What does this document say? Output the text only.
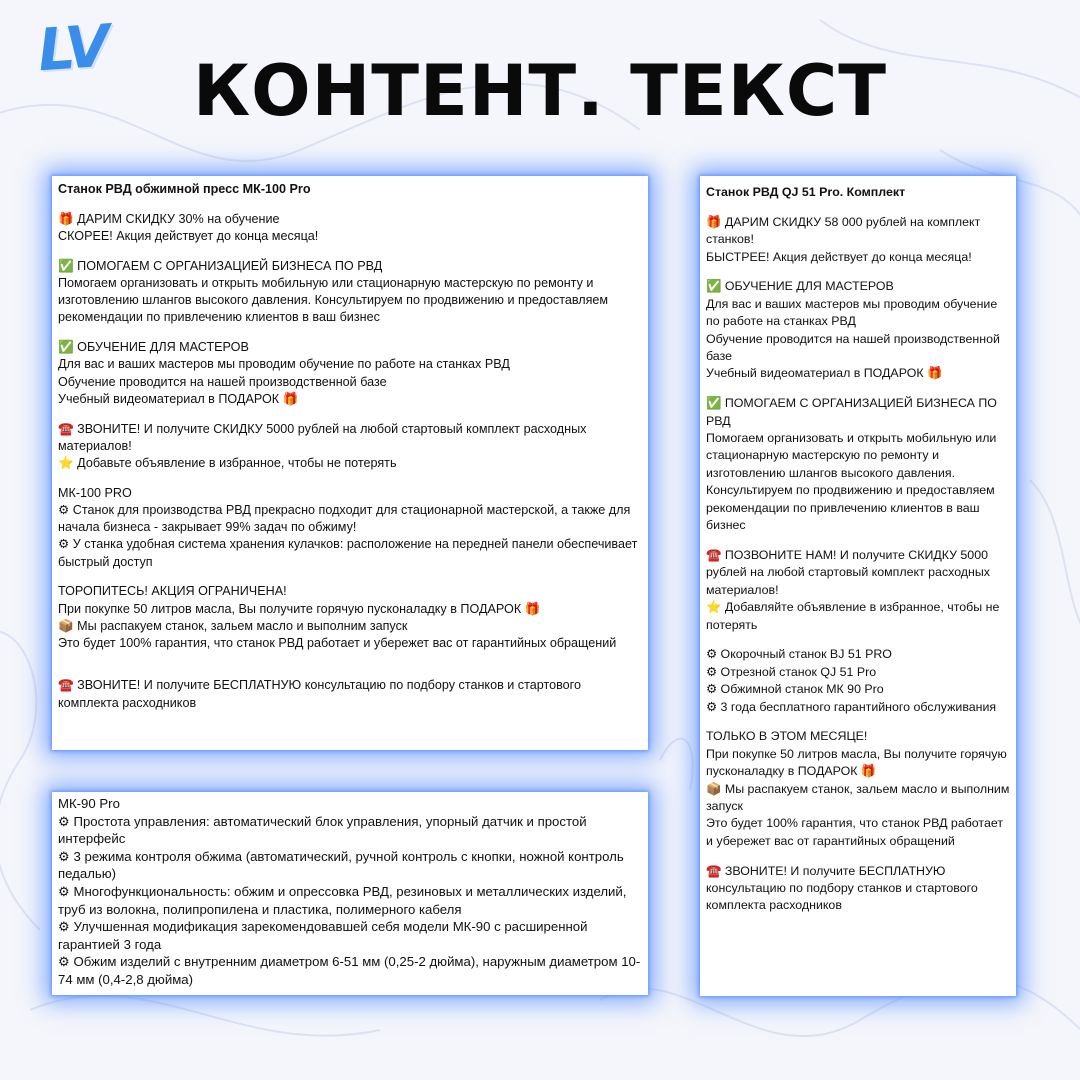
LV
КОНТЕНТ. ТЕКСТ

Станок РВД обжимной пресс МК-100 Pro

🎁 ДАРИМ СКИДКУ 30% на обучение

СКОРЕЕ! Акция действует до конца месяца!

✅ ПОМОГАЕМ С ОРГАНИЗАЦИЕЙ БИЗНЕСА ПО РВД

Помогаем организовать и открыть мобильную или стационарную мастерскую по ремонту и изготовлению шлангов высокого давления. Консультируем по продвижению и предоставляем рекомендации по привлечению клиентов в ваш бизнес

✅ ОБУЧЕНИЕ ДЛЯ МАСТЕРОВ

Для вас и ваших мастеров мы проводим обучение по работе на станках РВД

Обучение проводится на нашей производственной базе

Учебный видеоматериал в ПОДАРОК 🎁

☎️ ЗВОНИТЕ! И получите СКИДКУ 5000 рублей на любой стартовый комплект расходных материалов!

⭐ Добавьте объявление в избранное, чтобы не потерять

МК-100 PRO

⚙ Станок для производства РВД прекрасно подходит для стационарной мастерской, а также для начала бизнеса - закрывает 99% задач по обжиму!

⚙ У станка удобная система хранения кулачков: расположение на передней панели обеспечивает быстрый доступ

ТОРОПИТЕСЬ! АКЦИЯ ОГРАНИЧЕНА!

При покупке 50 литров масла, Вы получите горячую пусконаладку в ПОДАРОК 🎁

📦 Мы распакуем станок, зальем масло и выполним запуск

Это будет 100% гарантия, что станок РВД работает и убережет вас от гарантийных обращений

☎️ ЗВОНИТЕ! И получите БЕСПЛАТНУЮ консультацию по подбору станков и стартового комплекта расходников

МК-90 Pro

⚙ Простота управления: автоматический блок управления, упорный датчик и простой интерфейс

⚙ 3 режима контроля обжима (автоматический, ручной контроль с кнопки, ножной контроль педалью)

⚙ Многофункциональность: обжим и опрессовка РВД, резиновых и металлических изделий, труб из волокна, полипропилена и пластика, полимерного кабеля

⚙ Улучшенная модификация зарекомендовавшей себя модели МК-90 с расширенной гарантией 3 года

⚙ Обжим изделий с внутренним диаметром 6-51 мм (0,25-2 дюйма), наружным диаметром 10-74 мм (0,4-2,8 дюйма)

Станок РВД QJ 51 Pro. Комплект

🎁 ДАРИМ СКИДКУ 58 000 рублей на комплект станков!

БЫСТРЕЕ! Акция действует до конца месяца!

✅ ОБУЧЕНИЕ ДЛЯ МАСТЕРОВ

Для вас и ваших мастеров мы проводим обучение по работе на станках РВД

Обучение проводится на нашей производственной базе

Учебный видеоматериал в ПОДАРОК 🎁

✅ ПОМОГАЕМ С ОРГАНИЗАЦИЕЙ БИЗНЕСА ПО РВД

Помогаем организовать и открыть мобильную или стационарную мастерскую по ремонту и изготовлению шлангов высокого давления. Консультируем по продвижению и предоставляем рекомендации по привлечению клиентов в ваш бизнес

☎️ ПОЗВОНИТЕ НАМ! И получите СКИДКУ 5000 рублей на любой стартовый комплект расходных материалов!

⭐ Добавляйте объявление в избранное, чтобы не потерять

⚙ Окорочный станок BJ 51 PRO

⚙ Отрезной станок QJ 51 Pro

⚙ Обжимной станок МК 90 Pro

⚙ 3 года бесплатного гарантийного обслуживания

ТОЛЬКО В ЭТОМ МЕСЯЦЕ!

При покупке 50 литров масла, Вы получите горячую пусконаладку в ПОДАРОК 🎁

📦 Мы распакуем станок, зальем масло и выполним запуск

Это будет 100% гарантия, что станок РВД работает и убережет вас от гарантийных обращений

☎️ ЗВОНИТЕ! И получите БЕСПЛАТНУЮ консультацию по подбору станков и стартового комплекта расходников
